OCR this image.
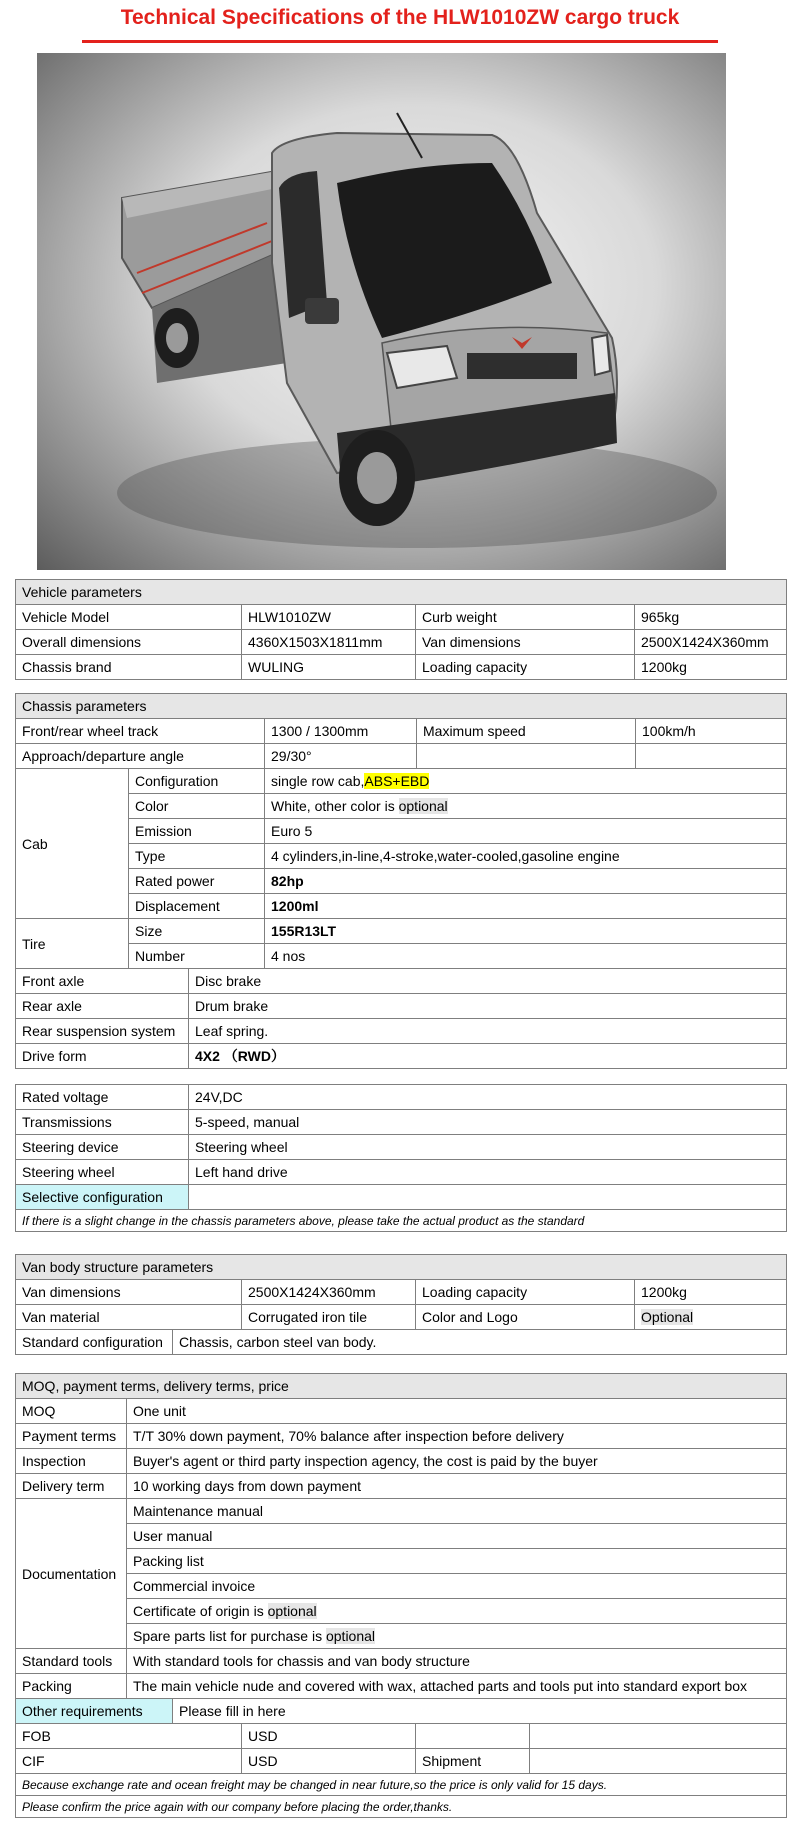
Technical Specifications of the HLW1010ZW cargo truck
Vehicle parameters			
Vehicle Model	HLW1010ZW	Curb weight	965kg
Overall dimensions	4360X1503X1811mm	Van dimensions	2500X1424X360mm
Chassis brand	WULING	Loading capacity	1200kg
Chassis parameters					
Front/rear wheel track			1300 / 1300mm	Maximum speed	100km/h
Approach/departure angle			29/30°		
Cab	Configuration		single row cab,ABS+EBD		
	Color		White, other color is optional		
	Emission		Euro 5		
	Type		4 cylinders,in-line,4-stroke,water-cooled,gasoline engine		
	Rated power		82hp		
	Displacement		1200ml		
Tire	Size		155R13LT		
	Number		4 nos		
Front axle		Disc brake			
Rear axle		Drum brake			
Rear suspension system		Leaf spring.			
Drive form		4X2 （RWD）			
Rated voltage	24V,DC
Transmissions	5-speed, manual
Steering device	Steering wheel
Steering wheel	Left hand drive
Selective configuration	
If there is a slight change in the chassis parameters above, please take the actual product as the standard	
Van body structure parameters				
Van dimensions		2500X1424X360mm	Loading capacity	1200kg
Van material		Corrugated iron tile	Color and Logo	Optional
Standard configuration	Chassis, carbon steel van body.			
MOQ, payment terms, delivery terms, price					
MOQ	One unit				
Payment terms	T/T 30% down payment, 70% balance after inspection before delivery				
Inspection	Buyer's agent or third party inspection agency, the cost is paid by the buyer				
Delivery term	10 working days from down payment				
Documentation	Maintenance manual				
	User manual				
	Packing list				
	Commercial invoice				
	Certificate of origin is optional				
	Spare parts list for purchase is optional				
Standard tools	With standard tools for chassis and van body structure				
Packing	The main vehicle nude and covered with wax, attached parts and tools put into standard export box				
Other requirements		Please fill in here			
FOB			USD		
CIF			USD	Shipment	
Because exchange rate and ocean freight may be changed in near future,so the price is only valid for 15 days.					
Please confirm the price again with our company before placing the order,thanks.					
